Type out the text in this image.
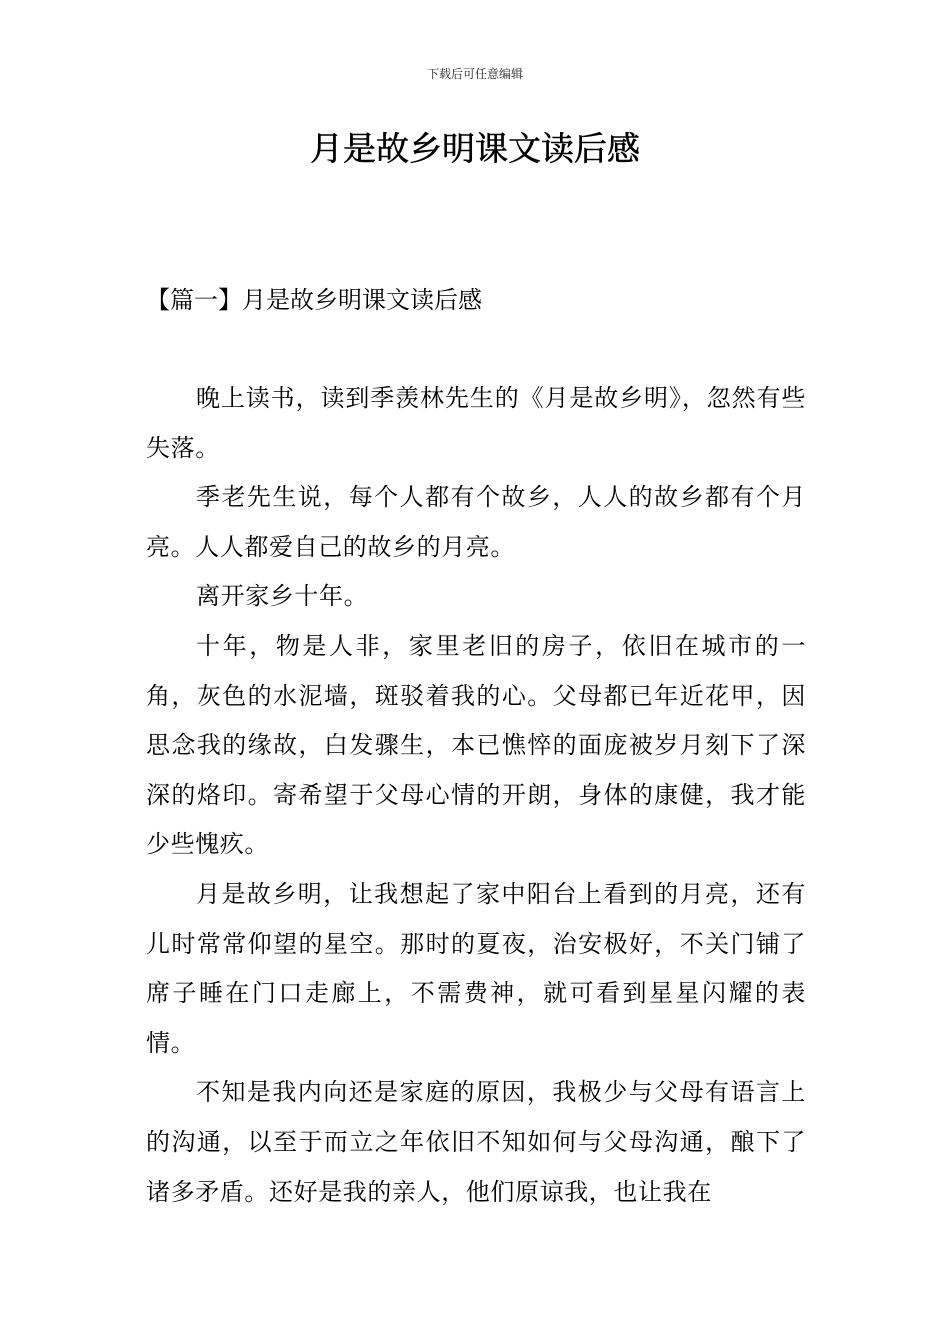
下载后可任意编辑
月是故乡明课文读后感
【篇一】月是故乡明课文读后感

晚上读书，读到季羡林先生的《月是故乡明》，忽然有些失落。

季老先生说，每个人都有个故乡，人人的故乡都有个月亮。人人都爱自己的故乡的月亮。

离开家乡十年。

十年，物是人非，家里老旧的房子，依旧在城市的一角，灰色的水泥墙，斑驳着我的心。父母都已年近花甲，因思念我的缘故，白发骤生，本已憔悴的面庞被岁月刻下了深深的烙印。寄希望于父母心情的开朗，身体的康健，我才能少些愧疚。

月是故乡明，让我想起了家中阳台上看到的月亮，还有儿时常常仰望的星空。那时的夏夜，治安极好，不关门铺了席子睡在门口走廊上，不需费神，就可看到星星闪耀的表情。

不知是我内向还是家庭的原因，我极少与父母有语言上的沟通，以至于而立之年依旧不知如何与父母沟通，酿下了诸多矛盾。还好是我的亲人，他们原谅我，也让我在
